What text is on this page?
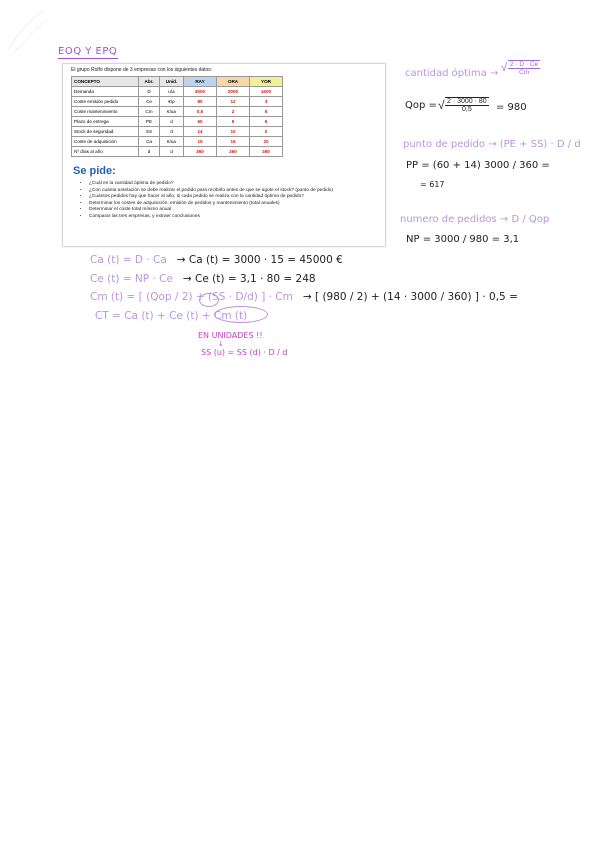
EOQ Y EPQ
El grupo Rolfo dispone de 3 empresas con los siguientes datos:
CONCEPTO	Abr.	Unid.	RAY	ORA	YOR
Demanda	D	u/a	3000	2000	1600
Coste emisión pedido	Ce	€/p	80	12	3
Coste mantenimiento	Cm	€/ua	0,5	2	5
Plazo de entrega	PE	d	60	9	6
Stock de seguridad	SS	d	14	10	0
Coste de adquisición	Ca	€/ua	15	15	20
Nº días al año	d	d	360	360	360
Se pide:
• ¿Cuál es la cantidad óptima de pedido?
• ¿Con cuánta antelación se debe realizar el pedido para recibirlo antes de que se agote el stock? (punto de pedido)
• ¿Cuántos pedidos hay que hacer al año, si cada pedido se realiza con la cantidad óptima de pedido?
• Determinar los costes de adquisición, emisión de pedidos y mantenimiento (total anuales)
• Determinar el coste total mínimo anual
• Comparar las tres empresas, y extraer conclusiones
cantidad óptima → √ 2 · D · Ce
Cm
Qop = √ 2 · 3000 · 80
0,5	= 980
punto de pedido → (PE + SS) · D / d
PP = (60 + 14) 3000 / 360 =
= 617
numero de pedidos → D / Qop
NP = 3000 / 980 = 3,1
Ca (t) = D · Ca → Ca (t) = 3000 · 15 = 45000 €
Ce (t) = NP · Ce → Ce (t) = 3,1 · 80 = 248
Cm (t) = [ (Qop / 2) + (SS · D/d) ] · Cm → [ (980 / 2) + (14 · 3000 / 360) ] · 0,5 =
CT = Ca (t) + Ce (t) + Cm (t)
EN UNIDADES !!
↓
SS (u) = SS (d) · D / d
